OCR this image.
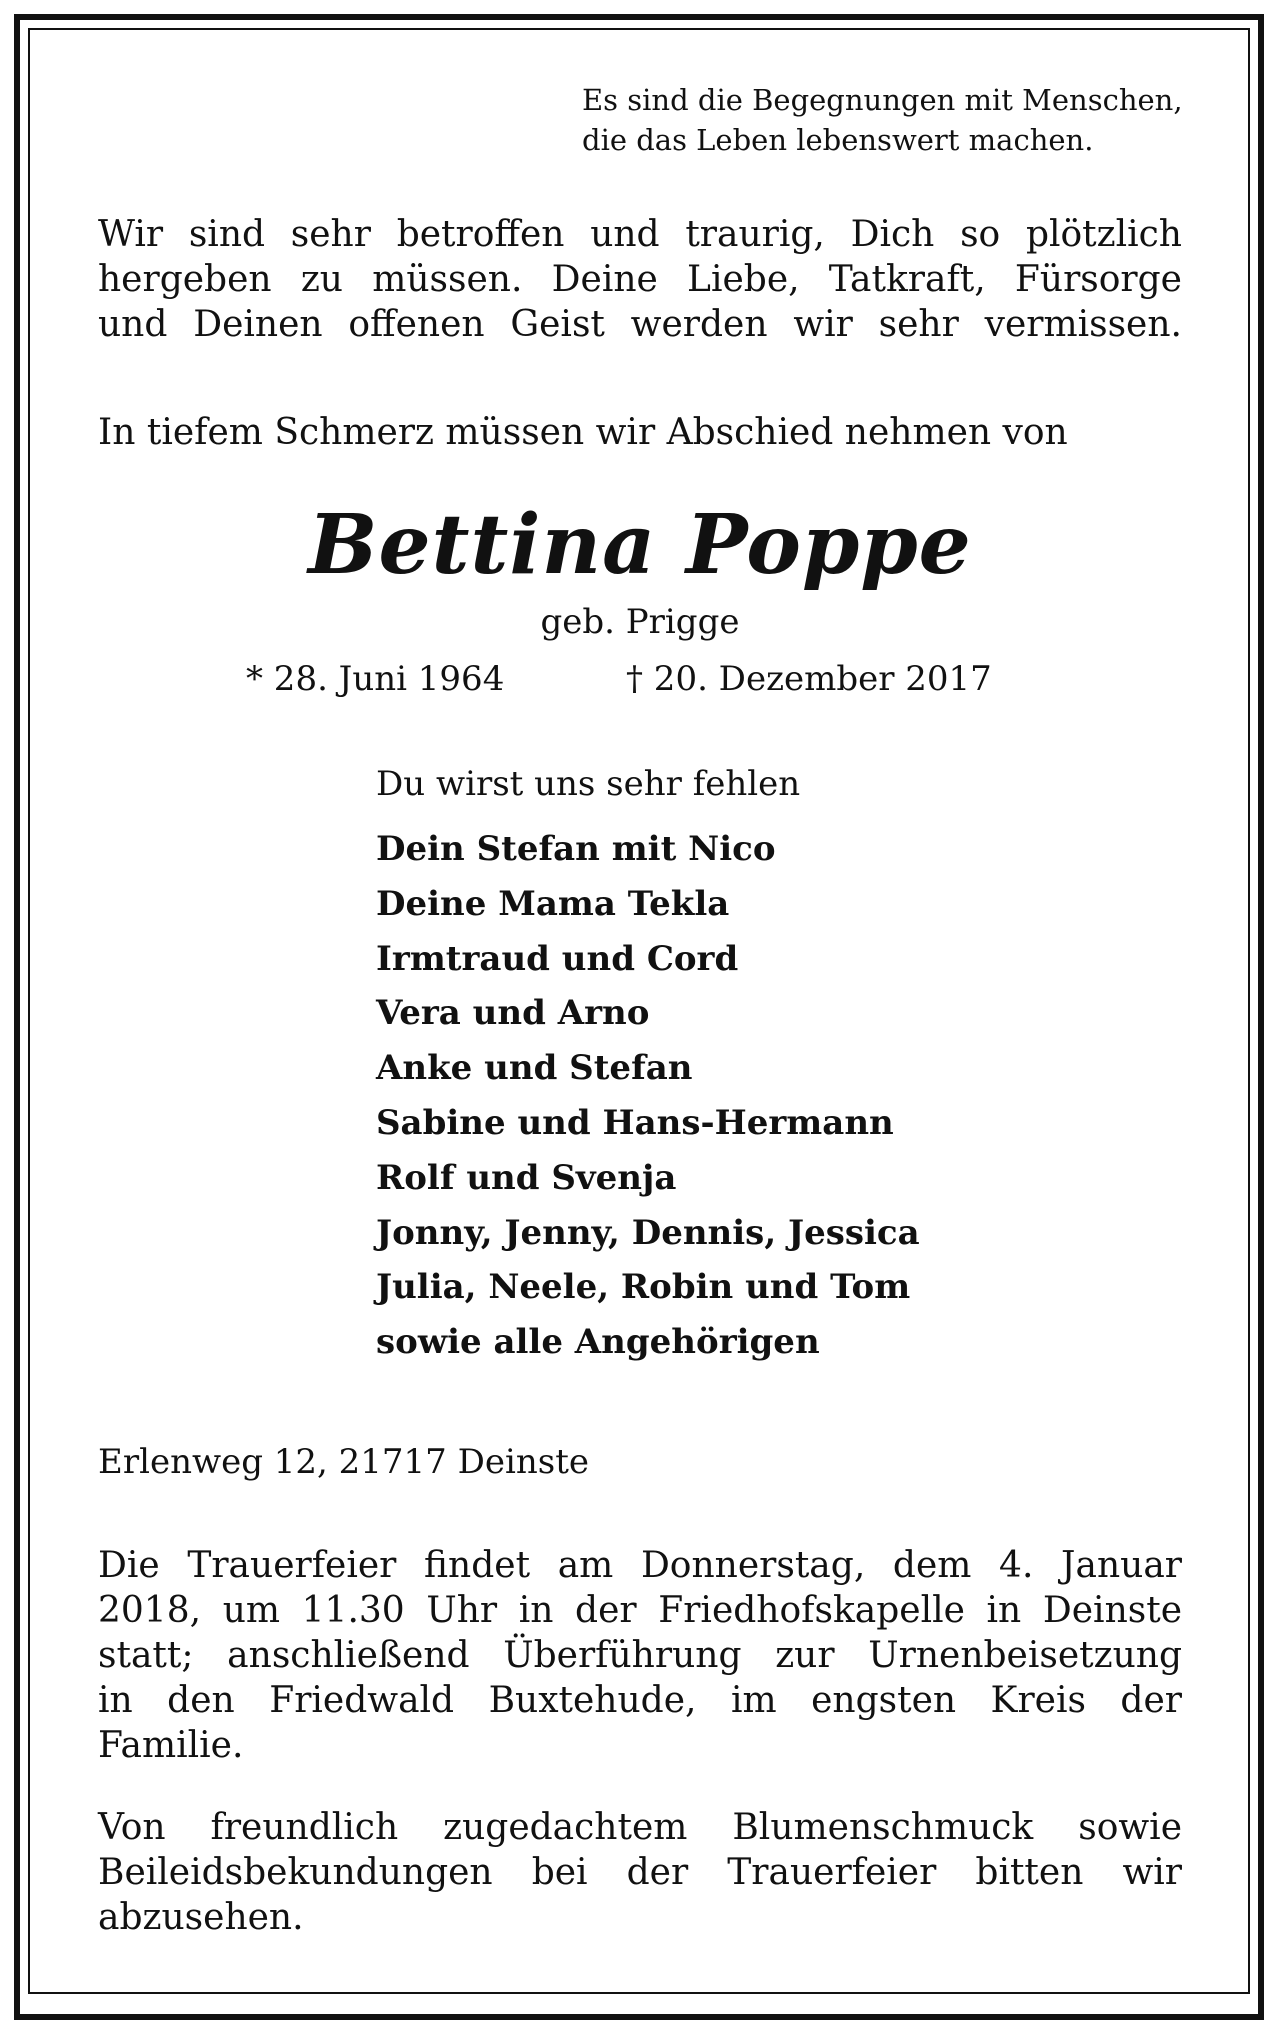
Es sind die Begegnungen mit Menschen,
die das Leben lebenswert machen.
Wir sind sehr betroffen und traurig, Dich so plötzlich
hergeben zu müssen. Deine Liebe, Tatkraft, Fürsorge
und Deinen offenen Geist werden wir sehr vermissen.
In tiefem Schmerz müssen wir Abschied nehmen von
Bettina Poppe
geb. Prigge
* 28. Juni 1964	† 20. Dezember 2017
Du wirst uns sehr fehlen
Dein Stefan mit Nico
Deine Mama Tekla
Irmtraud und Cord
Vera und Arno
Anke und Stefan
Sabine und Hans-Hermann
Rolf und Svenja
Jonny, Jenny, Dennis, Jessica
Julia, Neele, Robin und Tom
sowie alle Angehörigen
Erlenweg 12, 21717 Deinste
Die Trauerfeier findet am Donnerstag, dem 4. Januar
2018, um 11.30 Uhr in der Friedhofskapelle in Deinste
statt; anschließend Überführung zur Urnenbeisetzung
in den Friedwald Buxtehude, im engsten Kreis der
Familie.
Von freundlich zugedachtem Blumenschmuck sowie
Beileidsbekundungen bei der Trauerfeier bitten wir
abzusehen.
